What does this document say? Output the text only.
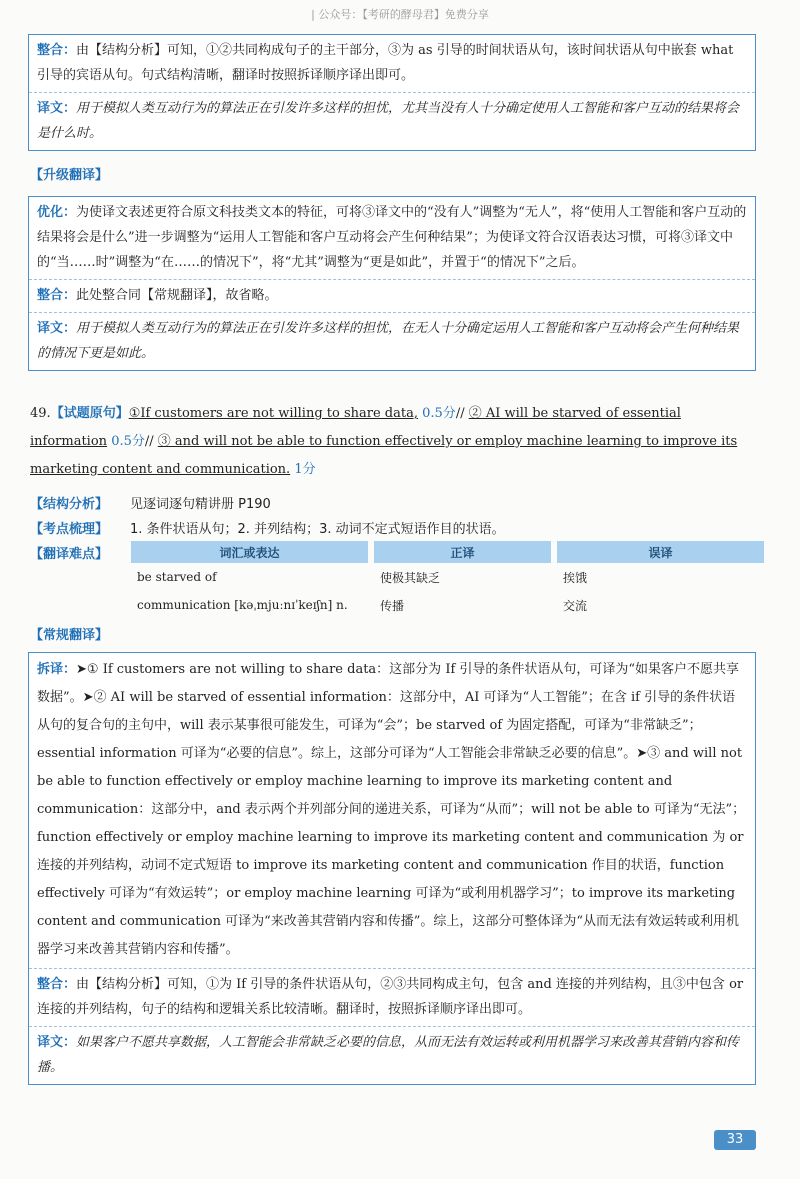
| 公众号：【考研的酵母君】免费分享
整合：由【结构分析】可知，①②共同构成句子的主干部分，③为 as 引导的时间状语从句，该时间状语从句中嵌套 what 引导的宾语从句。句式结构清晰，翻译时按照拆译顺序译出即可。
译文：用于模拟人类互动行为的算法正在引发许多这样的担忧，尤其当没有人十分确定使用人工智能和客户互动的结果将会是什么时。
【升级翻译】
优化：为使译文表述更符合原文科技类文本的特征，可将③译文中的“没有人”调整为“无人”，将“使用人工智能和客户互动的结果将会是什么”进一步调整为“运用人工智能和客户互动将会产生何种结果”；为使译文符合汉语表达习惯，可将③译文中的“当……时”调整为“在……的情况下”，将“尤其”调整为“更是如此”，并置于“的情况下”之后。
整合：此处整合同【常规翻译】，故省略。
译文：用于模拟人类互动行为的算法正在引发许多这样的担忧，在无人十分确定运用人工智能和客户互动将会产生何种结果的情况下更是如此。
49.【试题原句】①If customers are not willing to share data, 0.5分// ② AI will be starved of essential information 0.5分// ③ and will not be able to function effectively or employ machine learning to improve its marketing content and communication. 1分
【结构分析】 见逐词逐句精讲册 P190
【考点梳理】 1. 条件状语从句；2. 并列结构；3. 动词不定式短语作目的状语。
【翻译难点】	词汇或表达	正译	误译
be starved of	使极其缺乏	挨饿
communication [kəˌmjuːnɪˈkeɪʃn] n.	传播	交流
【常规翻译】
拆译：➤① If customers are not willing to share data：这部分为 If 引导的条件状语从句，可译为“如果客户不愿共享数据”。➤② AI will be starved of essential information：这部分中，AI 可译为“人工智能”；在含 if 引导的条件状语从句的复合句的主句中，will 表示某事很可能发生，可译为“会”；be starved of 为固定搭配，可译为“非常缺乏”；essential information 可译为“必要的信息”。综上，这部分可译为“人工智能会非常缺乏必要的信息”。➤③ and will not be able to function effectively or employ machine learning to improve its marketing content and communication：这部分中，and 表示两个并列部分间的递进关系，可译为“从而”；will not be able to 可译为“无法”；function effectively or employ machine learning to improve its marketing content and communication 为 or 连接的并列结构，动词不定式短语 to improve its marketing content and communication 作目的状语，function effectively 可译为“有效运转”；or employ machine learning 可译为“或利用机器学习”；to improve its marketing content and communication 可译为“来改善其营销内容和传播”。综上，这部分可整体译为“从而无法有效运转或利用机器学习来改善其营销内容和传播”。
整合：由【结构分析】可知，①为 If 引导的条件状语从句，②③共同构成主句，包含 and 连接的并列结构，且③中包含 or 连接的并列结构，句子的结构和逻辑关系比较清晰。翻译时，按照拆译顺序译出即可。
译文：如果客户不愿共享数据，人工智能会非常缺乏必要的信息，从而无法有效运转或利用机器学习来改善其营销内容和传播。
33
